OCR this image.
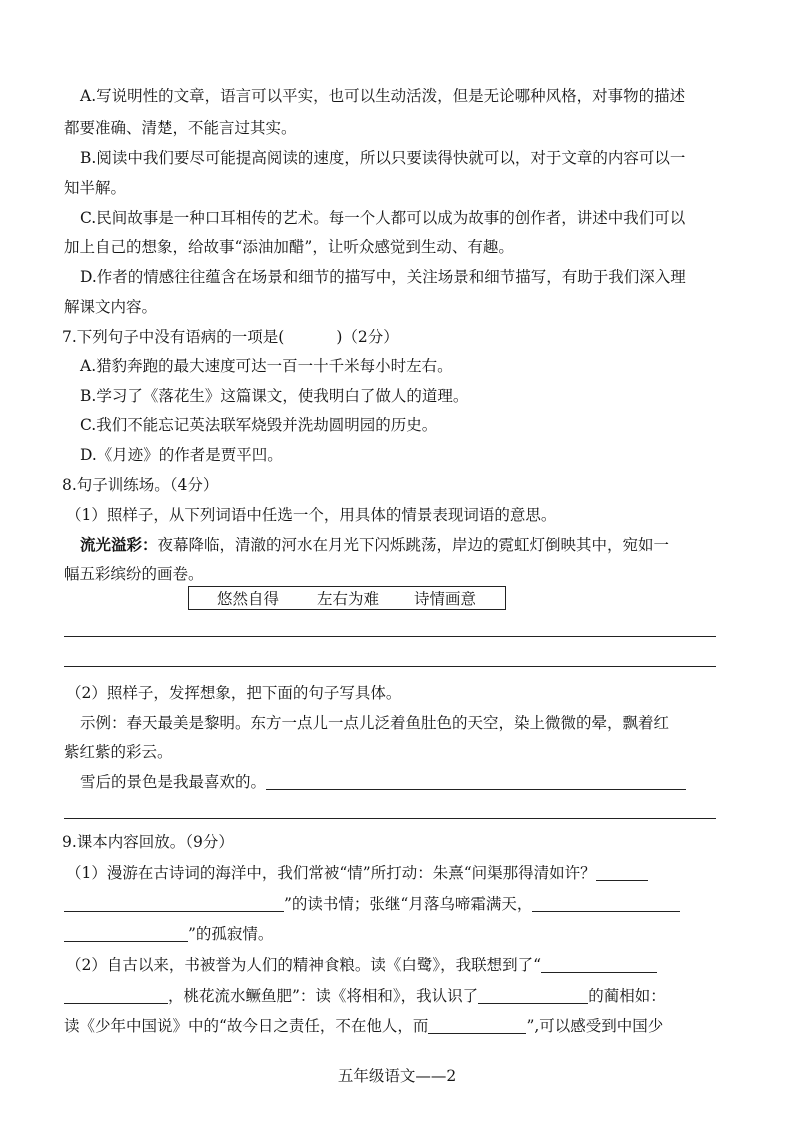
A.写说明性的文章，语言可以平实，也可以生动活泼，但是无论哪种风格，对事物的描述
都要准确、清楚，不能言过其实。
B.阅读中我们要尽可能提高阅读的速度，所以只要读得快就可以，对于文章的内容可以一
知半解。
C.民间故事是一种口耳相传的艺术。每一个人都可以成为故事的创作者，讲述中我们可以
加上自己的想象，给故事“添油加醋”，让听众感觉到生动、有趣。
D.作者的情感往往蕴含在场景和细节的描写中，关注场景和细节描写，有助于我们深入理
解课文内容。
7.下列句子中没有语病的一项是(	)（2分）
A.猎豹奔跑的最大速度可达一百一十千米每小时左右。
B.学习了《落花生》这篇课文，使我明白了做人的道理。
C.我们不能忘记英法联军烧毁并洗劫圆明园的历史。
D.《月迹》的作者是贾平凹。
8.句子训练场。（4分）
（1）照样子，从下列词语中任选一个，用具体的情景表现词语的意思。
流光溢彩：夜幕降临，清澈的河水在月光下闪烁跳荡，岸边的霓虹灯倒映其中，宛如一
幅五彩缤纷的画卷。
悠然自得 左右为难 诗情画意
（2）照样子，发挥想象，把下面的句子写具体。
示例：春天最美是黎明。东方一点儿一点儿泛着鱼肚色的天空，染上微微的晕，飘着红
紫红紫的彩云。
雪后的景色是我最喜欢的。
9.课本内容回放。（9分）
（1）漫游在古诗词的海洋中，我们常被“情”所打动：朱熹“问渠那得清如许？
”的读书情；张继“月落乌啼霜满天，
”的孤寂情。
（2）自古以来，书被誉为人们的精神食粮。读《白鹭》，我联想到了“
，桃花流水鳜鱼肥”：读《将相和》，我认识了	的蔺相如：
读《少年中国说》中的“故今日之责任，不在他人，而	”,可以感受到中国少
五年级语文——2
